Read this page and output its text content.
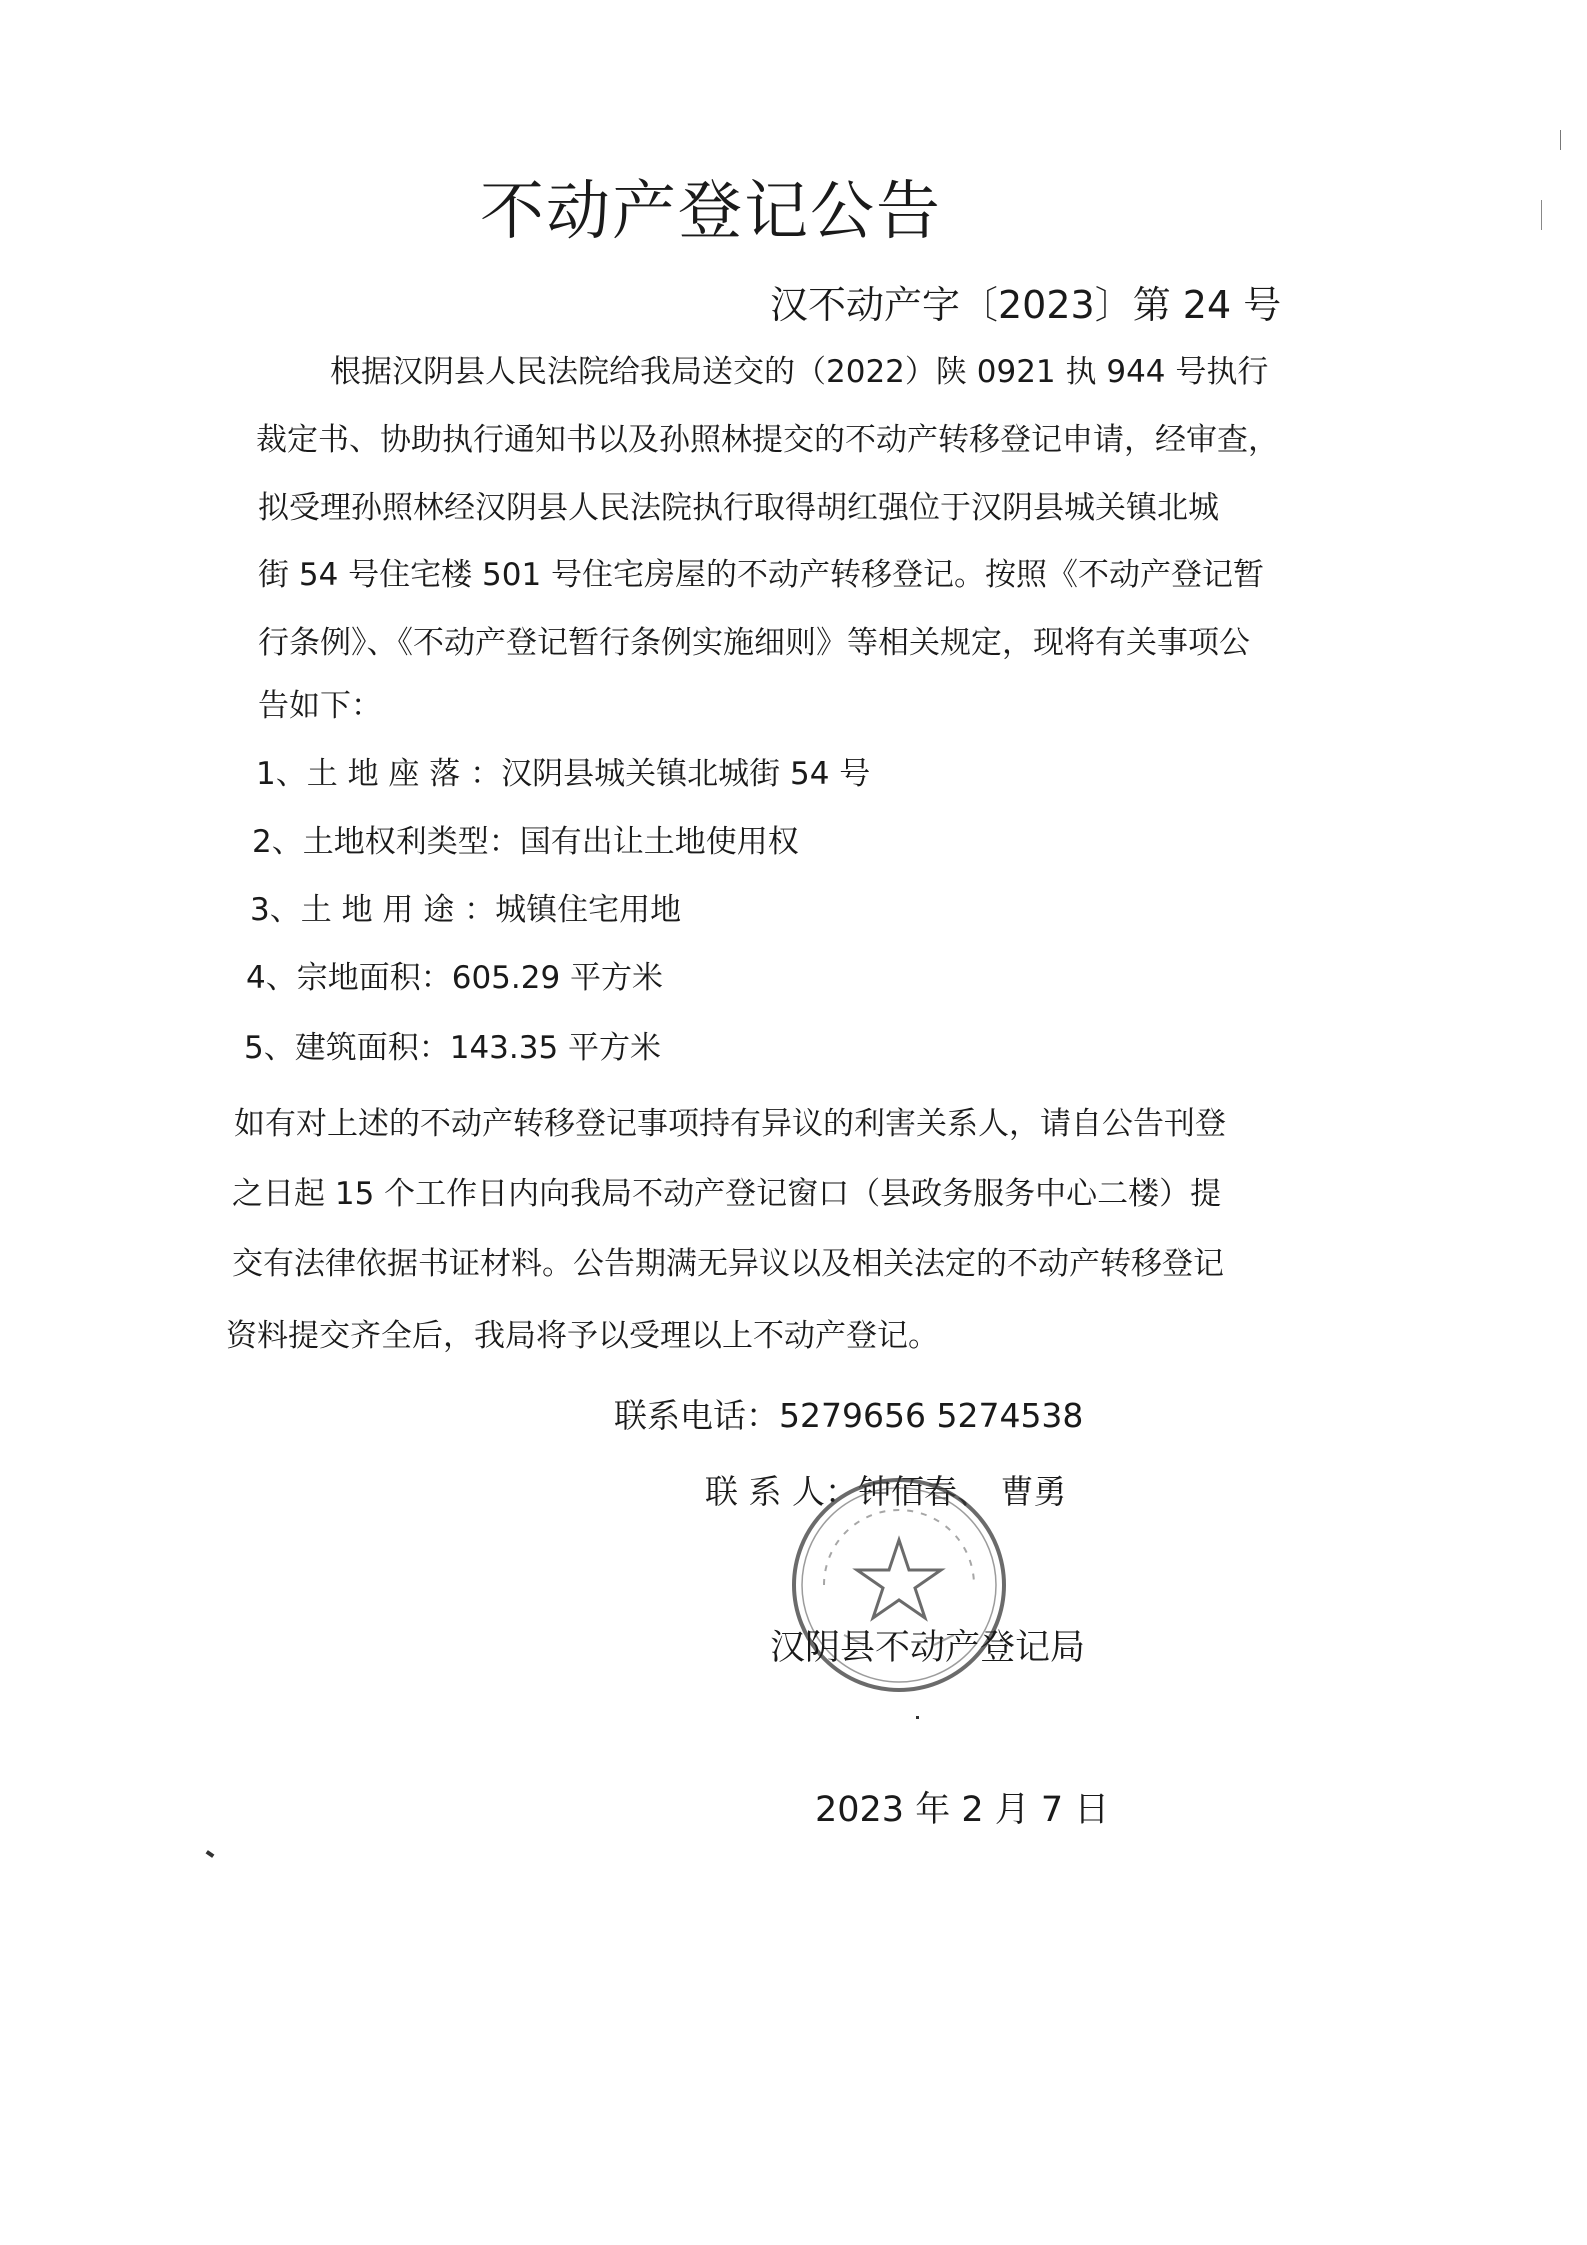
不动产登记公告
汉不动产字〔2023〕第 24 号
根据汉阴县人民法院给我局送交的（2022）陕 0921 执 944 号执行
裁定书、协助执行通知书以及孙照林提交的不动产转移登记申请，经审查，
拟受理孙照林经汉阴县人民法院执行取得胡红强位于汉阴县城关镇北城
街 54 号住宅楼 501 号住宅房屋的不动产转移登记。按照《不动产登记暂
行条例》、《不动产登记暂行条例实施细则》等相关规定，现将有关事项公
告如下：
1、土 地 座 落 ：汉阴县城关镇北城街 54 号
2、土地权利类型：国有出让土地使用权
3、土 地 用 途 ：城镇住宅用地
4、宗地面积：605.29 平方米
5、建筑面积：143.35 平方米
如有对上述的不动产转移登记事项持有异议的利害关系人，请自公告刊登
之日起 15 个工作日内向我局不动产登记窗口（县政务服务中心二楼）提
交有法律依据书证材料。公告期满无异议以及相关法定的不动产转移登记
资料提交齐全后，我局将予以受理以上不动产登记。
联系电话：5279656 5274538
联 系 人：钟佰春、 曹勇
汉阴县不动产登记局
2023 年 2 月 7 日
